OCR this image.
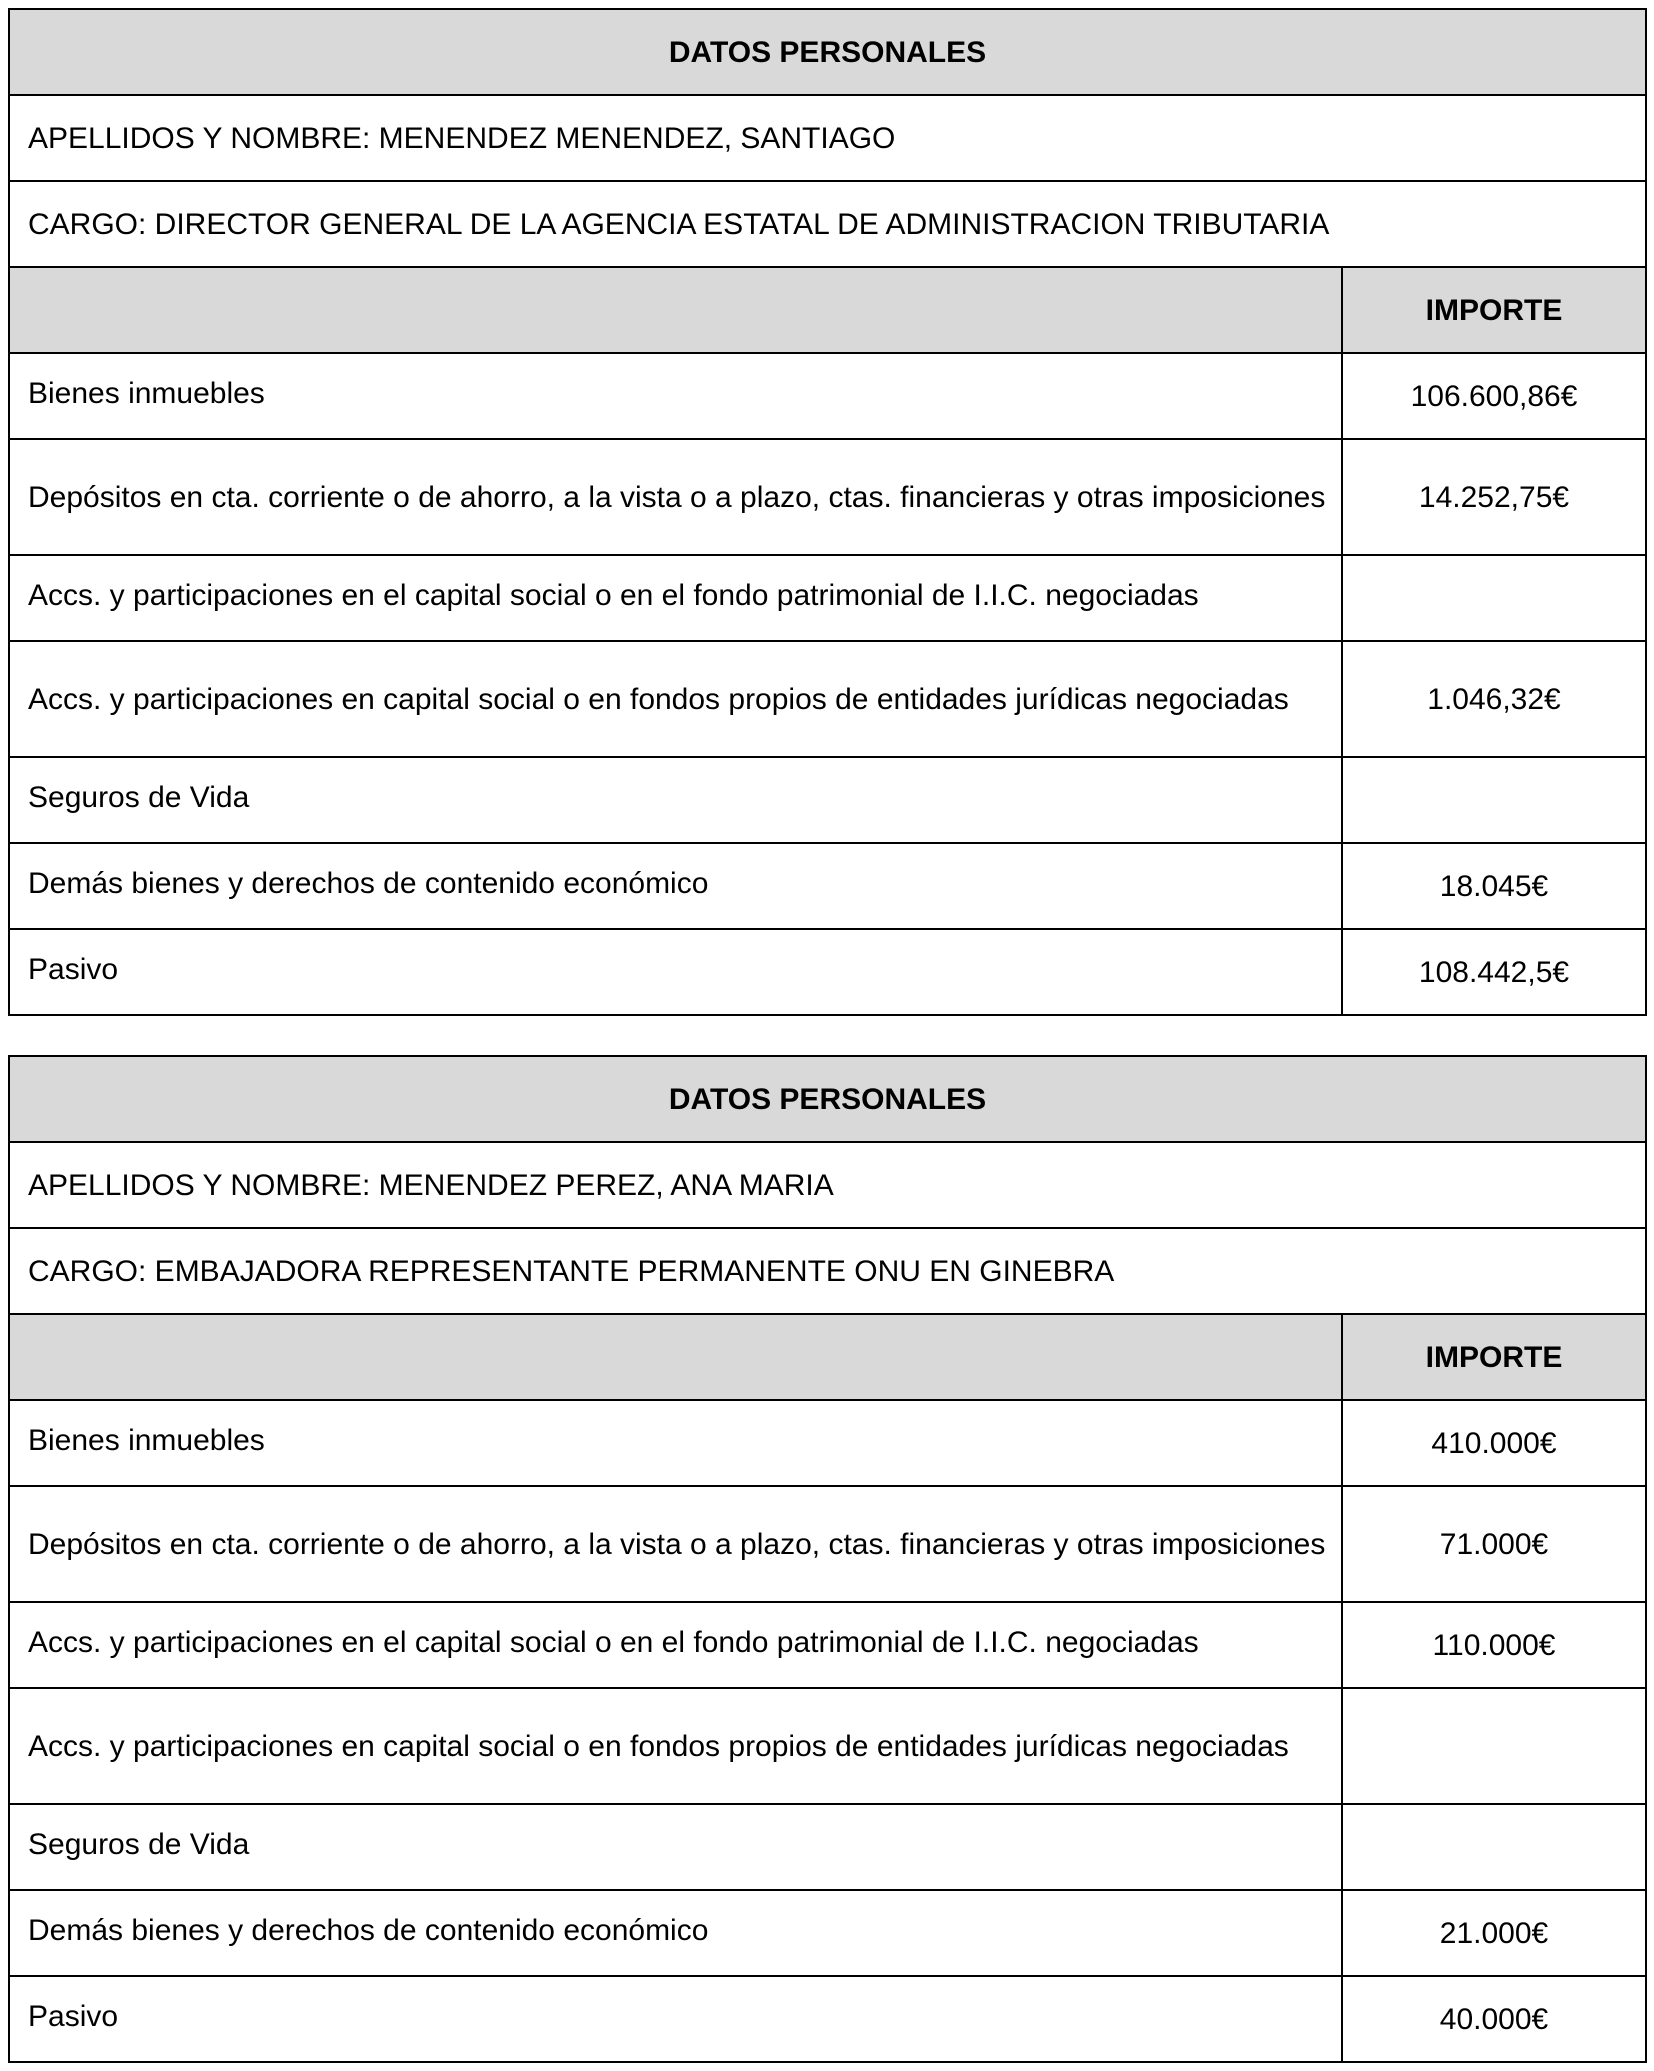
DATOS PERSONALES	
APELLIDOS Y NOMBRE: MENENDEZ MENENDEZ, SANTIAGO	
CARGO: DIRECTOR GENERAL DE LA AGENCIA ESTATAL DE ADMINISTRACION TRIBUTARIA	
	IMPORTE
Bienes inmuebles	106.600,86€
Depósitos en cta. corriente o de ahorro, a la vista o a plazo, ctas. financieras y otras imposiciones	14.252,75€
Accs. y participaciones en el capital social o en el fondo patrimonial de I.I.C. negociadas	
Accs. y participaciones en capital social o en fondos propios de entidades jurídicas negociadas	1.046,32€
Seguros de Vida	
Demás bienes y derechos de contenido económico	18.045€
Pasivo	108.442,5€
DATOS PERSONALES	
APELLIDOS Y NOMBRE: MENENDEZ PEREZ, ANA MARIA	
CARGO: EMBAJADORA REPRESENTANTE PERMANENTE ONU EN GINEBRA	
	IMPORTE
Bienes inmuebles	410.000€
Depósitos en cta. corriente o de ahorro, a la vista o a plazo, ctas. financieras y otras imposiciones	71.000€
Accs. y participaciones en el capital social o en el fondo patrimonial de I.I.C. negociadas	110.000€
Accs. y participaciones en capital social o en fondos propios de entidades jurídicas negociadas	
Seguros de Vida	
Demás bienes y derechos de contenido económico	21.000€
Pasivo	40.000€
